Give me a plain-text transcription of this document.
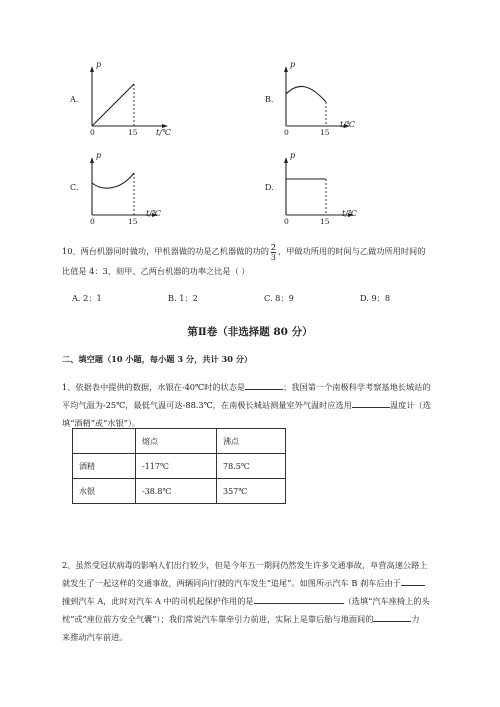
A.
p
t/℃
0	15
B.
p
t/℃
0	15
C.
p
t/℃
0	15
D.
p
t/℃
0	15
10、两台机器同时做功，甲机器做的功是乙机器做的功的 $\frac{2}{3}$ ，甲做功所用的时间与乙做功所用时间的
比值是 4：3，则甲、乙两台机器的功率之比是（ ）
A. 2：1	B. 1：2	C. 8：9	D. 9：8
第Ⅱ卷（非选择题 80 分）
二、填空题（10 小题，每小题 3 分，共计 30 分）
1、依据表中提供的数据，水银在-40℃时的状态是	；我国第一个南极科学考察基地长城站的
平均气温为-25℃，最低气温可达-88.3℃，在南极长城站测量室外气温时应选用	温度计（选
填“酒精”或“水银”）。
	熔点	沸点
酒精	-117℃	78.5℃
水银	-38.8℃	357℃
2、虽然受冠状病毒的影响人们出行较少，但是今年五一期间仍然发生许多交通事故，阜营高速公路上
就发生了一起这样的交通事故，两辆同向行驶的汽车发生“追尾”。如图所示汽车 B 刹车后由于
撞到汽车 A，此时对汽车 A 中的司机起保护作用的是	（选填“汽车座椅上的头
枕”或“座位前方安全气囊”）；我们常说汽车靠牵引力前进，实际上是靠后胎与地面间的	力
来推动汽车前进。
